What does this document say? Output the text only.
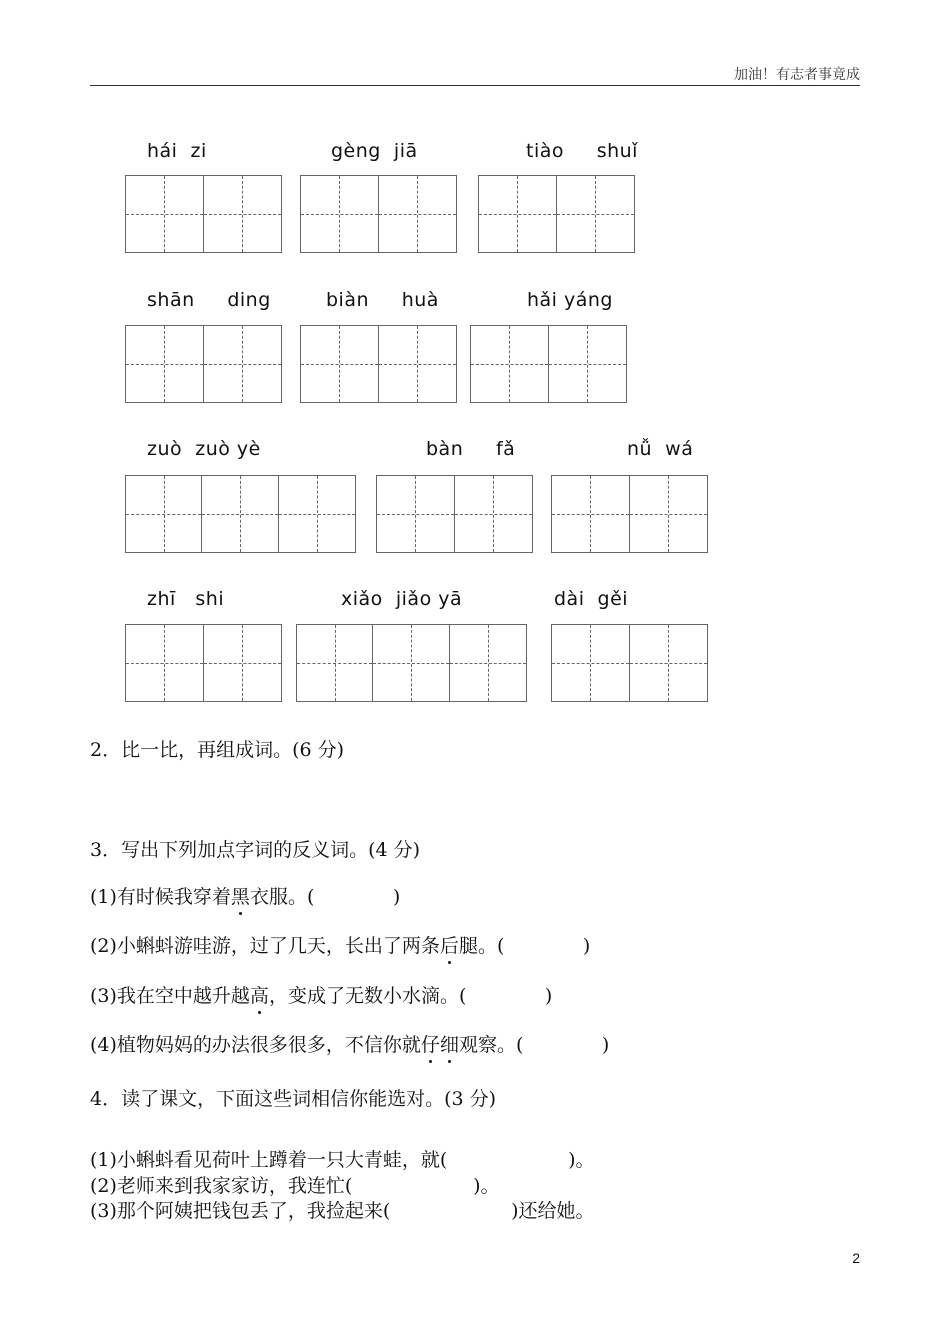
加油！有志者事竟成
hái  zi	gèng  jiā	tiào     shuǐ
shān     ding	biàn     huà	hǎi yáng
zuò  zuò yè	bàn     fǎ	nǚ  wá
zhī   shi	xiǎo  jiǎo yā	dài  gěi
2．比一比，再组成词。(6 分)
3．写出下列加点字词的反义词。(4 分)
(1)有时候我穿着黑衣服。(             )
(2)小蝌蚪游哇游，过了几天，长出了两条后腿。(             )
(3)我在空中越升越高，变成了无数小水滴。(             )
(4)植物妈妈的办法很多很多，不信你就仔细观察。(             )
4．读了课文，下面这些词相信你能选对。(3 分)
(1)小蝌蚪看见荷叶上蹲着一只大青蛙，就(                    )。
(2)老师来到我家家访，我连忙(                    )。
(3)那个阿姨把钱包丢了，我捡起来(                    )还给她。
2
